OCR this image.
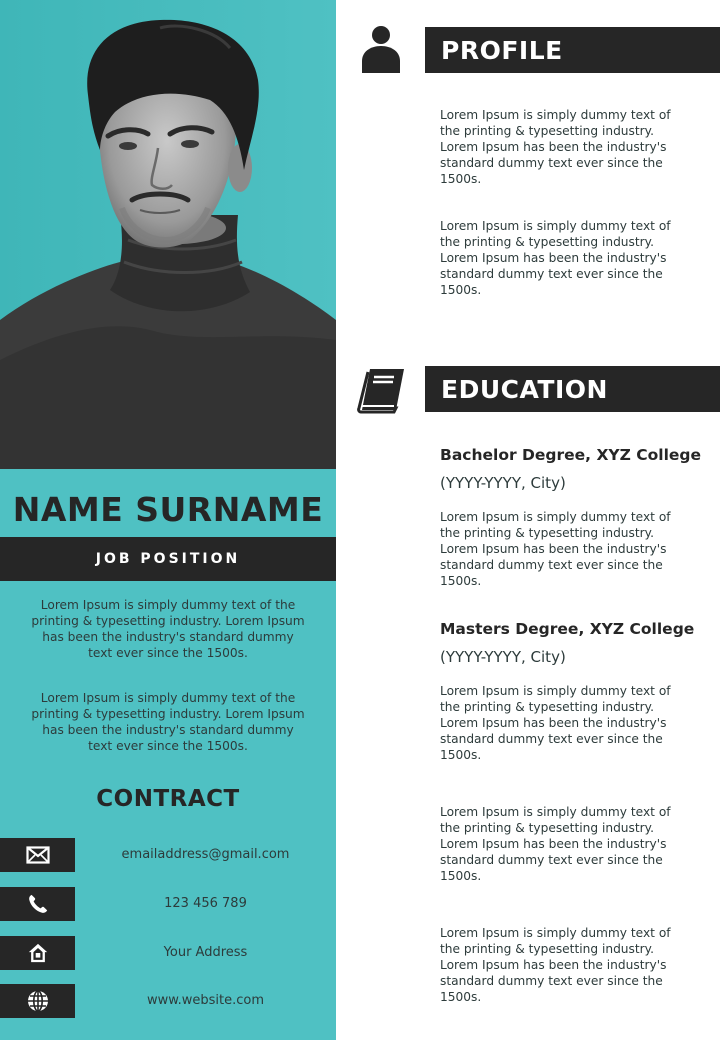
NAME SURNAME
JOB POSITION

Lorem Ipsum is simply dummy text of the printing & typesetting industry. Lorem Ipsum has been the industry's standard dummy text ever since the 1500s.

Lorem Ipsum is simply dummy text of the printing & typesetting industry. Lorem Ipsum has been the industry's standard dummy text ever since the 1500s.

CONTRACT
emailaddress@gmail.com
123 456 789
Your Address
www.website.com
PROFILE

Lorem Ipsum is simply dummy text of the printing & typesetting industry. Lorem Ipsum has been the industry's standard dummy text ever since the 1500s.

Lorem Ipsum is simply dummy text of the printing & typesetting industry. Lorem Ipsum has been the industry's standard dummy text ever since the 1500s.

EDUCATION
Bachelor Degree, XYZ College
(YYYY-YYYY, City)

Lorem Ipsum is simply dummy text of the printing & typesetting industry. Lorem Ipsum has been the industry's standard dummy text ever since the 1500s.

Masters Degree, XYZ College
(YYYY-YYYY, City)

Lorem Ipsum is simply dummy text of the printing & typesetting industry. Lorem Ipsum has been the industry's standard dummy text ever since the 1500s.

Lorem Ipsum is simply dummy text of the printing & typesetting industry. Lorem Ipsum has been the industry's standard dummy text ever since the 1500s.

Lorem Ipsum is simply dummy text of the printing & typesetting industry. Lorem Ipsum has been the industry's standard dummy text ever since the 1500s.
